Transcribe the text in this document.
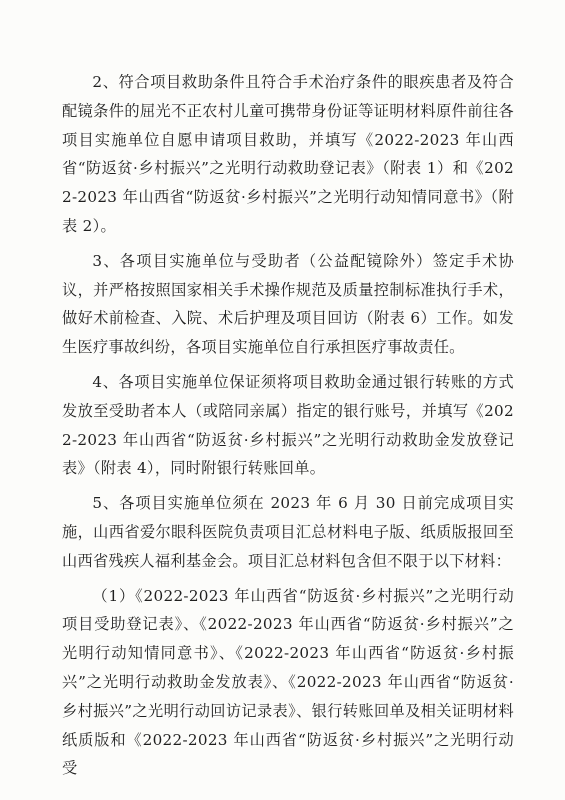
2、符合项目救助条件且符合手术治疗条件的眼疾患者及符合配镜条件的屈光不正农村儿童可携带身份证等证明材料原件前往各项目实施单位自愿申请项目救助，并填写《2022-2023 年山西省“防返贫·乡村振兴”之光明行动救助登记表》（附表 1）和《2022-2023 年山西省“防返贫·乡村振兴”之光明行动知情同意书》（附表 2）。

3、各项目实施单位与受助者（公益配镜除外）签定手术协议，并严格按照国家相关手术操作规范及质量控制标准执行手术，做好术前检查、入院、术后护理及项目回访（附表 6）工作。如发生医疗事故纠纷，各项目实施单位自行承担医疗事故责任。

4、各项目实施单位保证须将项目救助金通过银行转账的方式发放至受助者本人（或陪同亲属）指定的银行账号，并填写《2022-2023 年山西省“防返贫·乡村振兴”之光明行动救助金发放登记表》（附表 4），同时附银行转账回单。

5、各项目实施单位须在 2023 年 6 月 30 日前完成项目实施，山西省爱尔眼科医院负责项目汇总材料电子版、纸质版报回至山西省残疾人福利基金会。项目汇总材料包含但不限于以下材料：

（1）《2022-2023 年山西省“防返贫·乡村振兴”之光明行动项目受助登记表》、《2022-2023 年山西省“防返贫·乡村振兴”之光明行动知情同意书》、《2022-2023 年山西省“防返贫·乡村振兴”之光明行动救助金发放表》、《2022-2023 年山西省“防返贫·乡村振兴”之光明行动回访记录表》、银行转账回单及相关证明材料纸质版和《2022-2023 年山西省“防返贫·乡村振兴”之光明行动受
